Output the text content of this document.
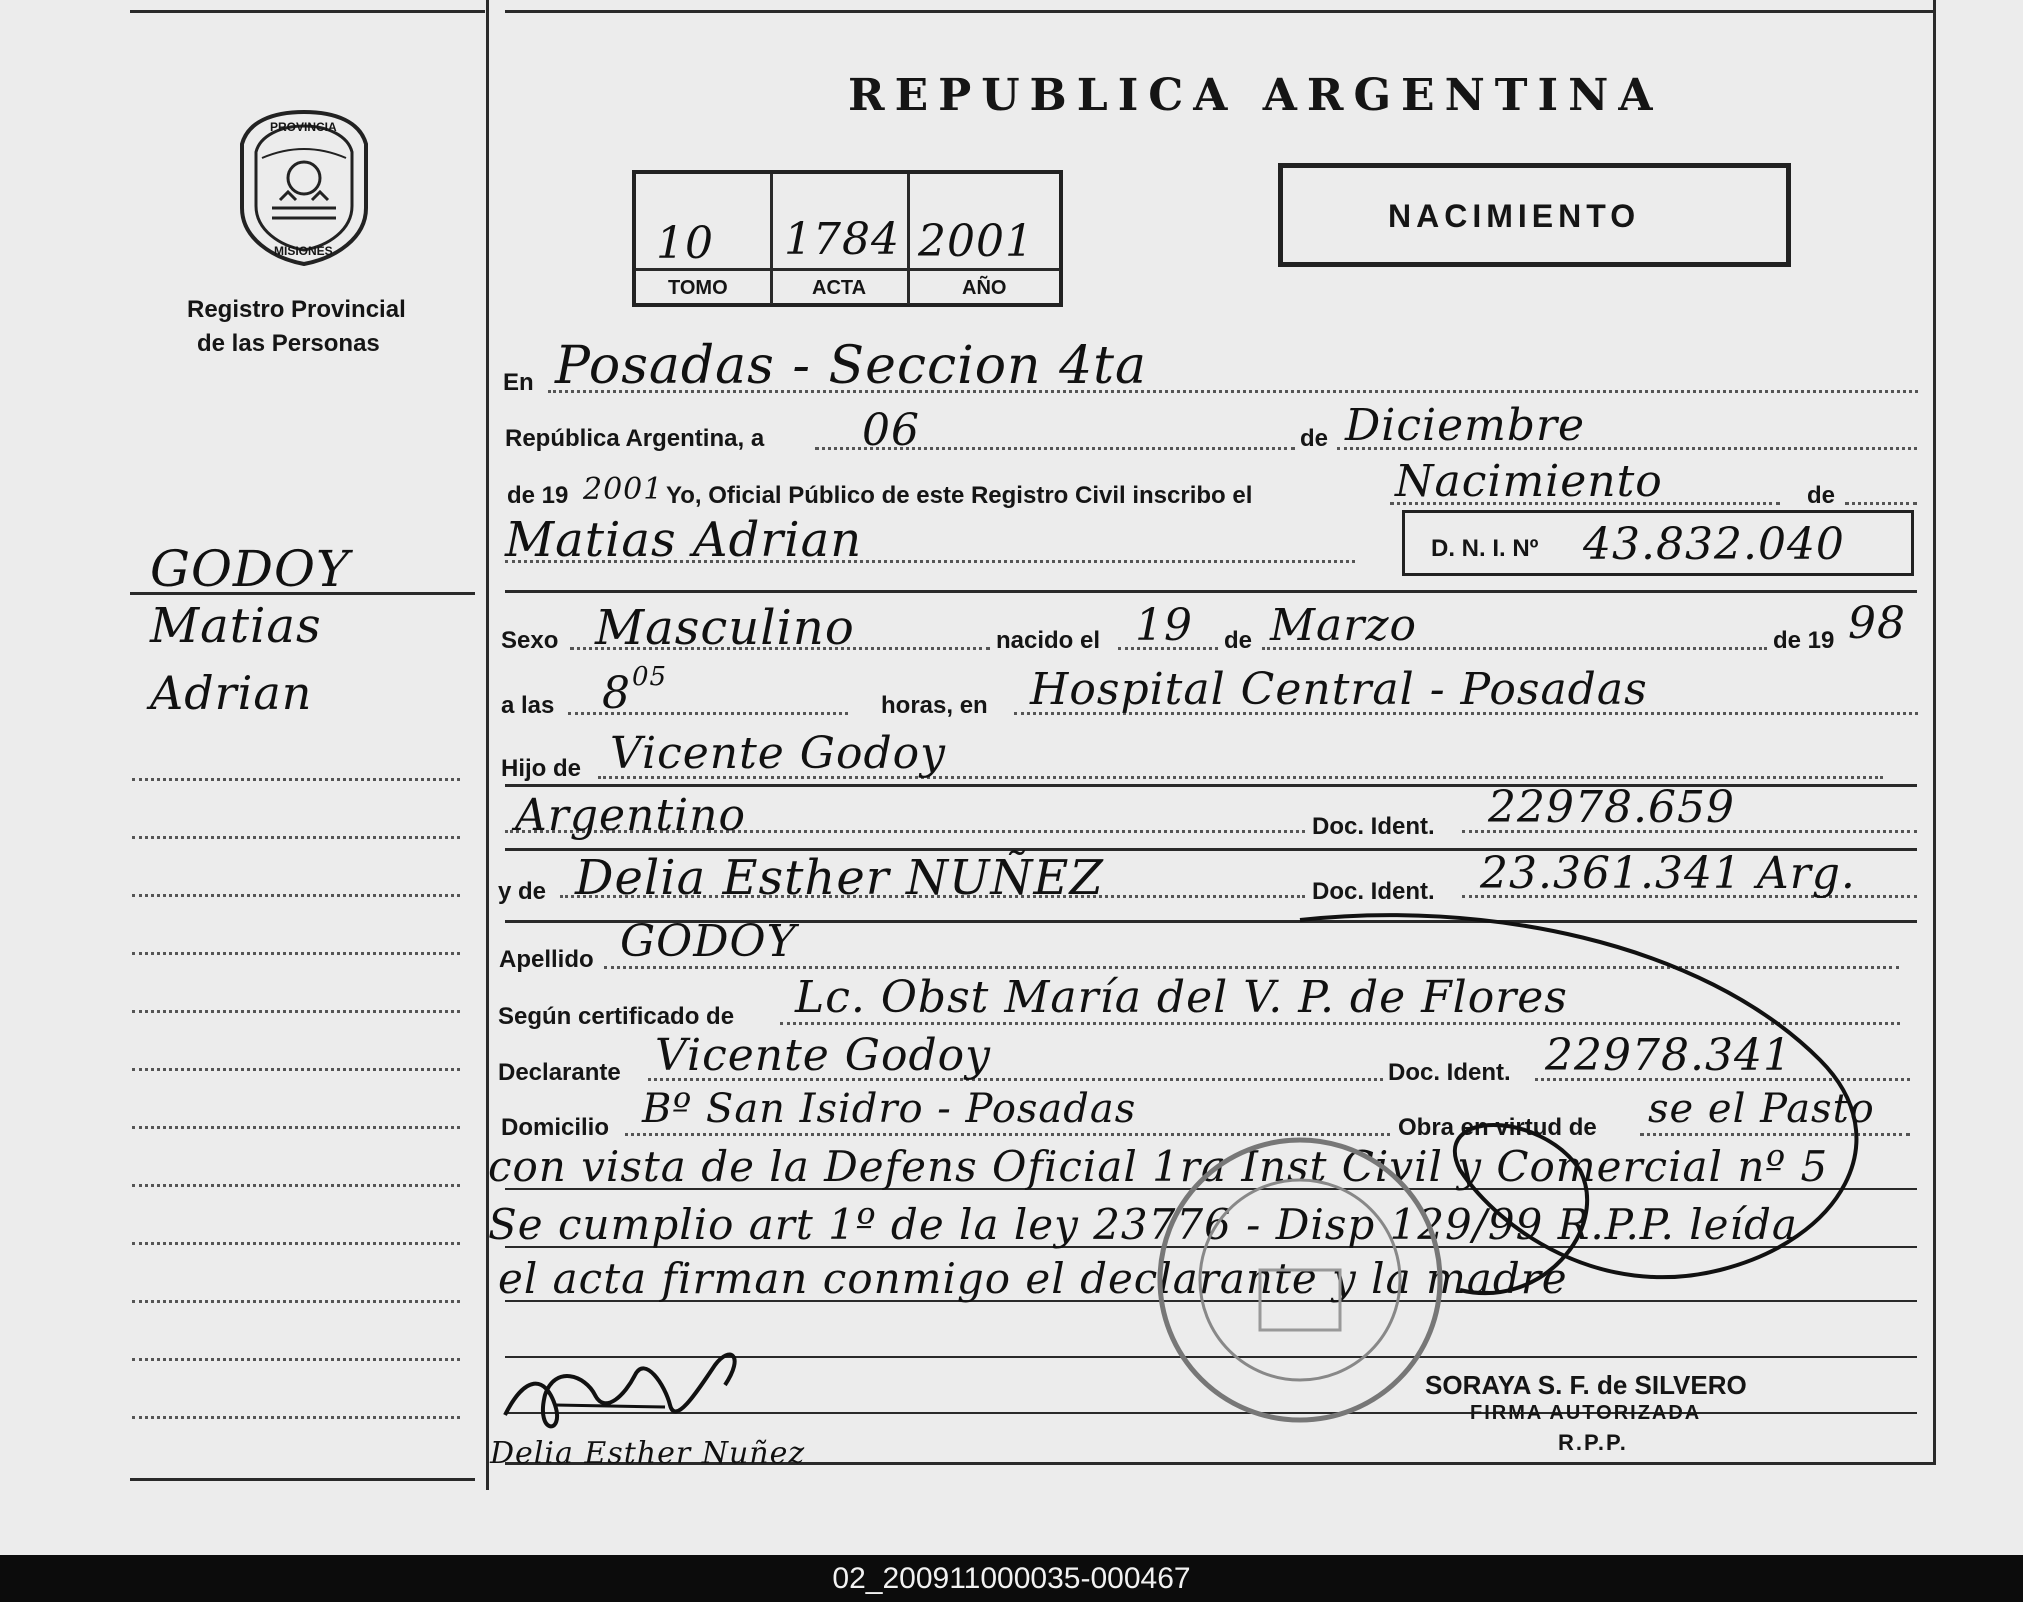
PROVINCIA
MISIONES
Registro Provincial
de las Personas
REPUBLICA ARGENTINA
10 1784 2001
TOMO	ACTA	AÑO
NACIMIENTO
GODOY
Matias
Adrian
En Posadas - Seccion 4ta
República Argentina, a 06	de Diciembre
de 19 2001 Yo, Oficial Público de este Registro Civil inscribo el	Nacimiento	de
Matias Adrian	D. N. I. Nº 43.832.040
Sexo Masculino	nacido el 19 de Marzo	de 19 98
a las 8 05
horas, en Hospital Central - Posadas
Hijo de Vicente Godoy
Argentino	Doc. Ident. 22978.659
y de Delia Esther NUÑEZ	Doc. Ident. 23.361.341 Arg.
Apellido GODOY
Según certificado de Lc. Obst María del V. P. de Flores
Declarante Vicente Godoy	Doc. Ident. 22978.341
Domicilio Bº San Isidro - Posadas	Obra en virtud de se el Pasto
con vista de la Defens Oficial 1ra Inst Civil y Comercial nº 5
Se cumplio art 1º de la ley 23776 - Disp 129/99 R.P.P. leída
el acta firman conmigo el declarante y la madre
Delia Esther Nuñez
SORAYA S. F. de SILVERO
FIRMA AUTORIZADA
R.P.P.
02_200911000035-000467
